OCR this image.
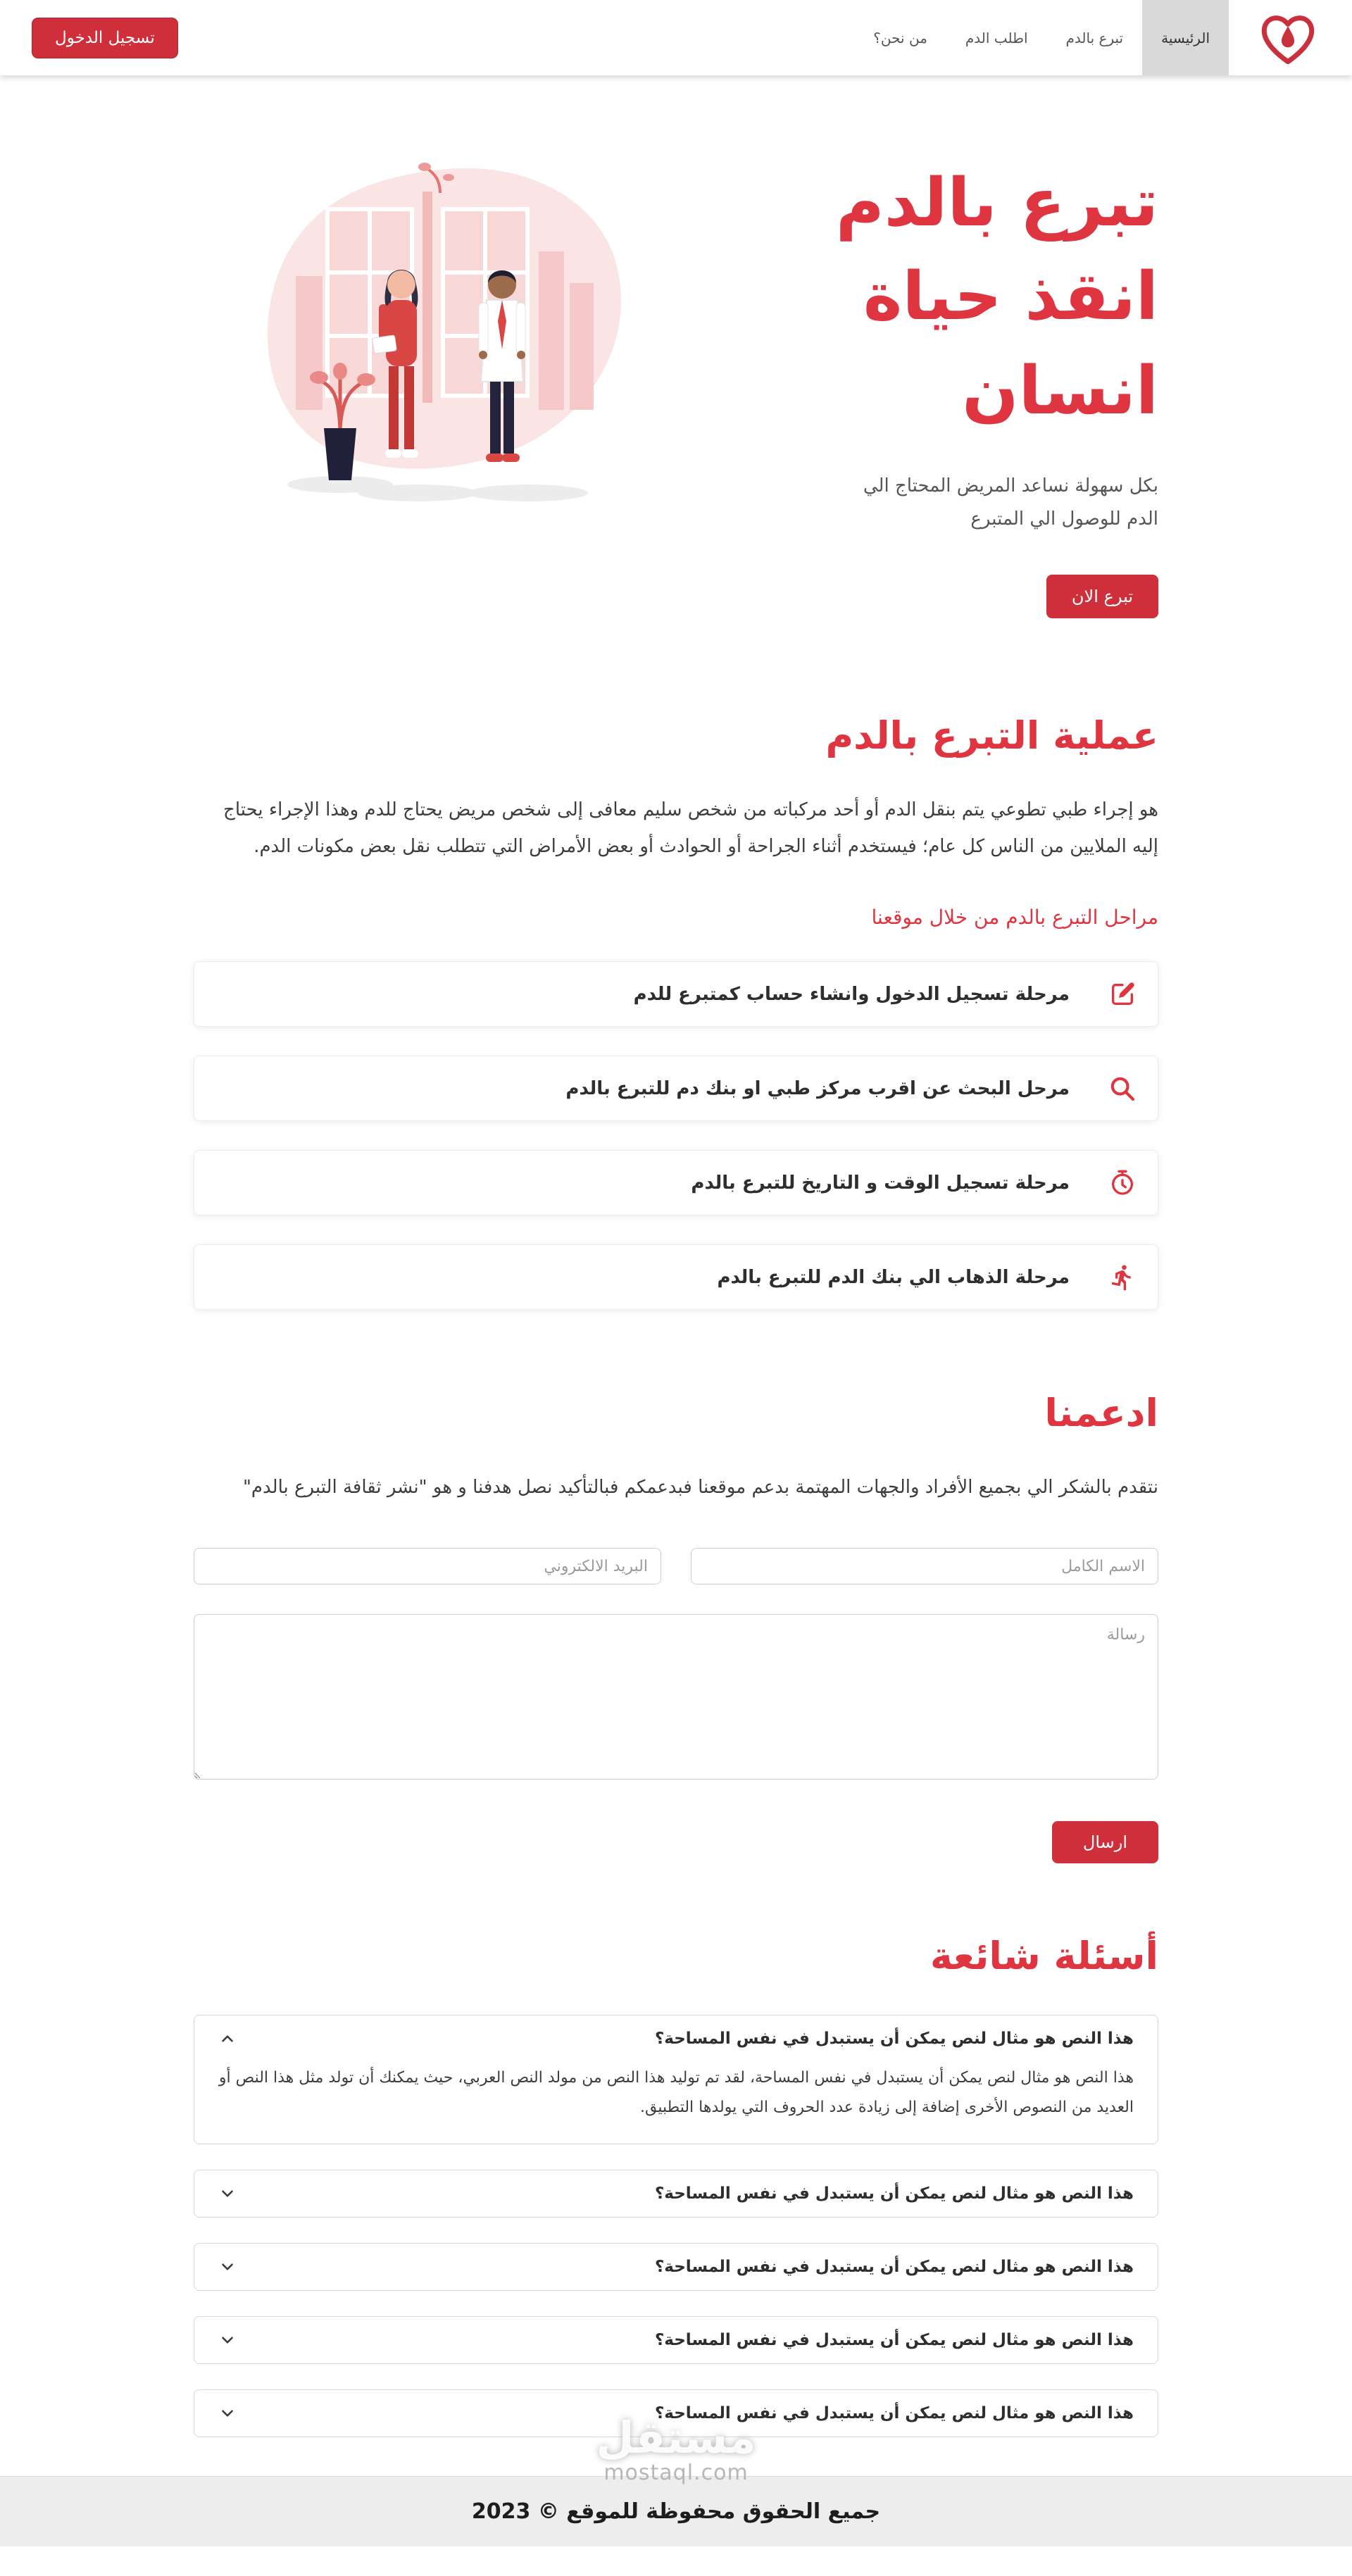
الرئيسية
تبرع بالدم
اطلب الدم
من نحن؟
تسجيل الدخول
تبرع بالدم انقذ حياة انسان

بكل سهولة نساعد المريض المحتاج الي الدم للوصول الي المتبرع

تبرع الان
عملية التبرع بالدم

هو إجراء طبي تطوعي يتم بنقل الدم أو أحد مركباته من شخص سليم معافى إلى شخص مريض يحتاج للدم وهذا الإجراء يحتاج إليه الملايين من الناس كل عام؛ فيستخدم أثناء الجراحة أو الحوادث أو بعض الأمراض التي تتطلب نقل بعض مكونات الدم.

مراحل التبرع بالدم من خلال موقعنا
مرحلة تسجيل الدخول وانشاء حساب كمتبرع للدم
مرحل البحث عن اقرب مركز طبي او بنك دم للتبرع بالدم
مرحلة تسجيل الوقت و التاريخ للتبرع بالدم
مرحلة الذهاب الي بنك الدم للتبرع بالدم
ادعمنا

نتقدم بالشكر الي بجميع الأفراد والجهات المهتمة بدعم موقعنا فبدعمكم فبالتأكيد نصل هدفنا و هو "نشر ثقافة التبرع بالدم"

الاسم الكامل
البريد الالكتروني
رسالة
ارسال
أسئلة شائعة
هذا النص هو مثال لنص يمكن أن يستبدل في نفس المساحة؟
هذا النص هو مثال لنص يمكن أن يستبدل في نفس المساحة، لقد تم توليد هذا النص من مولد النص العربي، حيث يمكنك أن تولد مثل هذا النص أو العديد من النصوص الأخرى إضافة إلى زيادة عدد الحروف التي يولدها التطبيق.
هذا النص هو مثال لنص يمكن أن يستبدل في نفس المساحة؟
هذا النص هو مثال لنص يمكن أن يستبدل في نفس المساحة؟
هذا النص هو مثال لنص يمكن أن يستبدل في نفس المساحة؟
هذا النص هو مثال لنص يمكن أن يستبدل في نفس المساحة؟
جميع الحقوق محفوظة للموقع © 2023
مستقل
mostaql.com
